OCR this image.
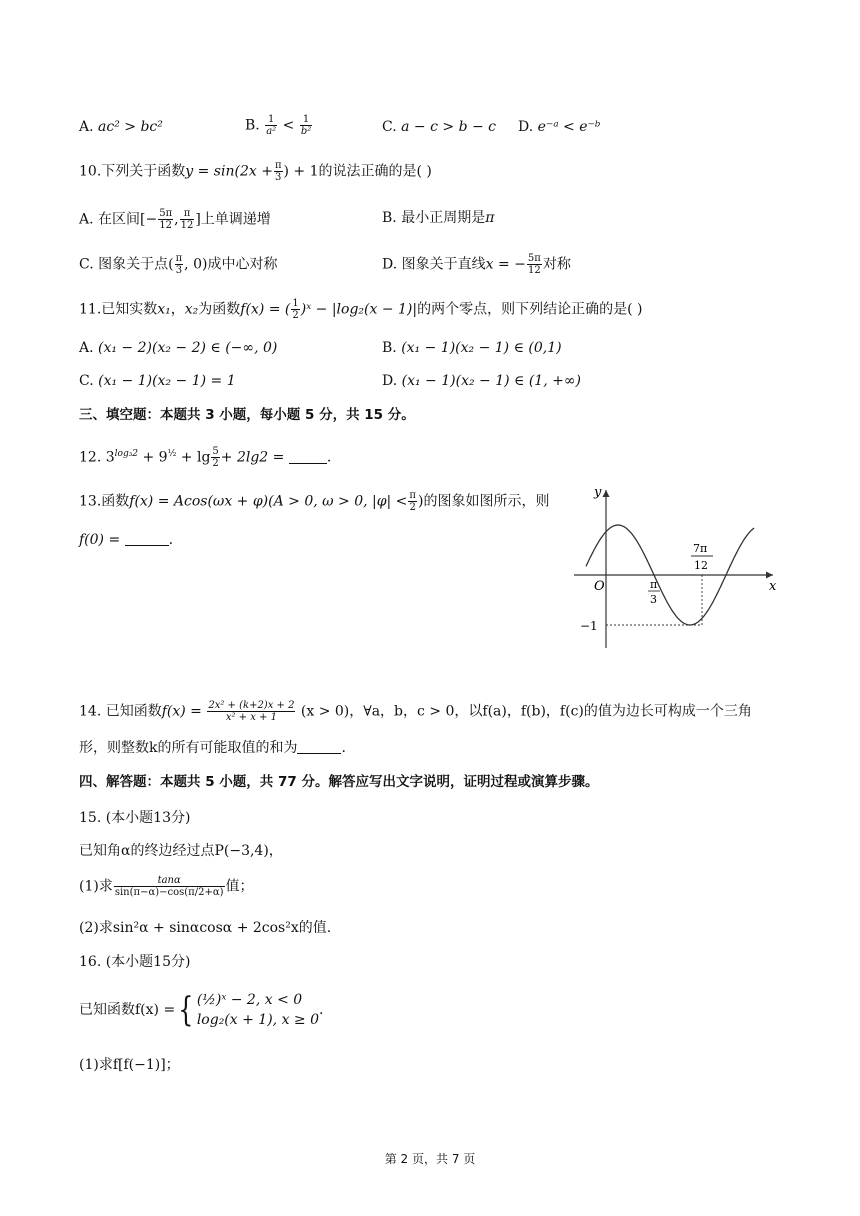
A. ac² > bc²	B. $\frac{1}{\text{a²}} < \frac{1}{\text{b²}}$	C. a − c > b − c D. e⁻ᵃ < e⁻ᵇ
10.下列关于函数$y = \sin(2x + \frac{\pi}{3}$ ) + 1的说法正确的是( )
A. 在区间[− $\frac{5\pi}{12}$ , $\frac{\pi}{12}$ ]上单调递增	B. 最小正周期是π
C. 图象关于点( $\frac{\pi}{3}$ , 0)成中心对称	D. 图象关于直线x = − $\frac{5\pi}{12}$ 对称
11.已知实数x₁，x₂为函数f(x) = ( $\frac{1}{2}$ )ˣ − |log₂(x − 1)|的两个零点，则下列结论正确的是( )
A. (x₁ − 2)(x₂ − 2) ∈ (−∞, 0)	B. (x₁ − 1)(x₂ − 1) ∈ (0,1)
C. (x₁ − 1)(x₂ − 1) = 1	D. (x₁ − 1)(x₂ − 1) ∈ (1, +∞)
三、填空题：本题共 3 小题，每小题 5 分，共 15 分。
12. $3^{log_32} + 9^{\frac{1}{2}} + \lg \frac{5}{2} + 2\lg 2$ =	.
13.函数f(x) = Acos(ωx + φ)(A > 0, ω > 0, $|\varphi| < \frac{\pi}{2}$ )的图象如图所示，则
f(0) =	.
y
x
O	π
3
7π
12
−1
14. 已知函数$f(x) = \frac{\text{2x² + (k+2)x + 2}}{\text{x² + x + 1}} (x > 0)$，∀a，b，c > 0，以f(a)，f(b)，f(c)的值为边长可构成一个三角
形，则整数k的所有可能取值的和为	.
四、解答题：本题共 5 小题，共 77 分。解答应写出文字说明，证明过程或演算步骤。
15. (本小题13分)
已知角α的终边经过点P(−3,4)，
(1)求 $\frac{\tan\alpha}{\sin(\pi-\alpha)-\cos(\pi/2+\alpha)}$ 值；
(2)求sin²α + sinαcosα + 2cos²x的值.
16. (本小题15分)
已知函数f(x) ={ (½)ˣ − 2, x < 0
log₂(x + 1), x ≥ 0
.
(1)求f[f(−1)]；
第 2 页，共 7 页
